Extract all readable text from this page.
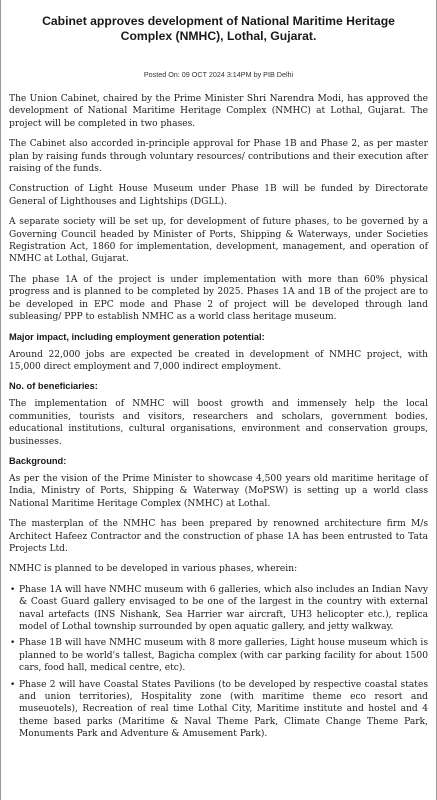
Cabinet approves development of National Maritime Heritage Complex (NMHC), Lothal, Gujarat.
Posted On: 09 OCT 2024 3:14PM by PIB Delhi

The Union Cabinet, chaired by the Prime Minister Shri Narendra Modi, has approved the development of National Maritime Heritage Complex (NMHC) at Lothal, Gujarat. The project will be completed in two phases.

The Cabinet also accorded in-principle approval for Phase 1B and Phase 2, as per master plan by raising funds through voluntary resources/ contributions and their execution after raising of the funds.

Construction of Light House Museum under Phase 1B will be funded by Directorate General of Lighthouses and Lightships (DGLL).

A separate society will be set up, for development of future phases, to be governed by a Governing Council headed by Minister of Ports, Shipping & Waterways, under Societies Registration Act, 1860 for implementation, development, management, and operation of NMHC at Lothal, Gujarat.

The phase 1A of the project is under implementation with more than 60% physical progress and is planned to be completed by 2025. Phases 1A and 1B of the project are to be developed in EPC mode and Phase 2 of project will be developed through land subleasing/ PPP to establish NMHC as a world class heritage museum.

Major impact, including employment generation potential:

Around 22,000 jobs are expected be created in development of NMHC project, with 15,000 direct employment and 7,000 indirect employment.

No. of beneficiaries:

The implementation of NMHC will boost growth and immensely help the local communities, tourists and visitors, researchers and scholars, government bodies, educational institutions, cultural organisations, environment and conservation groups, businesses.

Background:

As per the vision of the Prime Minister to showcase 4,500 years old maritime heritage of India, Ministry of Ports, Shipping & Waterway (MoPSW) is setting up a world class National Maritime Heritage Complex (NMHC) at Lothal.

The masterplan of the NMHC has been prepared by renowned architecture firm M/s Architect Hafeez Contractor and the construction of phase 1A has been entrusted to Tata Projects Ltd.

NMHC is planned to be developed in various phases, wherein:

• Phase 1A will have NMHC museum with 6 galleries, which also includes an Indian Navy & Coast Guard gallery envisaged to be one of the largest in the country with external naval artefacts (INS Nishank, Sea Harrier war aircraft, UH3 helicopter etc.), replica model of Lothal township surrounded by open aquatic gallery, and jetty walkway.
• Phase 1B will have NMHC museum with 8 more galleries, Light house museum which is planned to be world's tallest, Bagicha complex (with car parking facility for about 1500 cars, food hall, medical centre, etc).
• Phase 2 will have Coastal States Pavilions (to be developed by respective coastal states and union territories), Hospitality zone (with maritime theme eco resort and museuotels), Recreation of real time Lothal City, Maritime institute and hostel and 4 theme based parks (Maritime & Naval Theme Park, Climate Change Theme Park, Monuments Park and Adventure & Amusement Park).
